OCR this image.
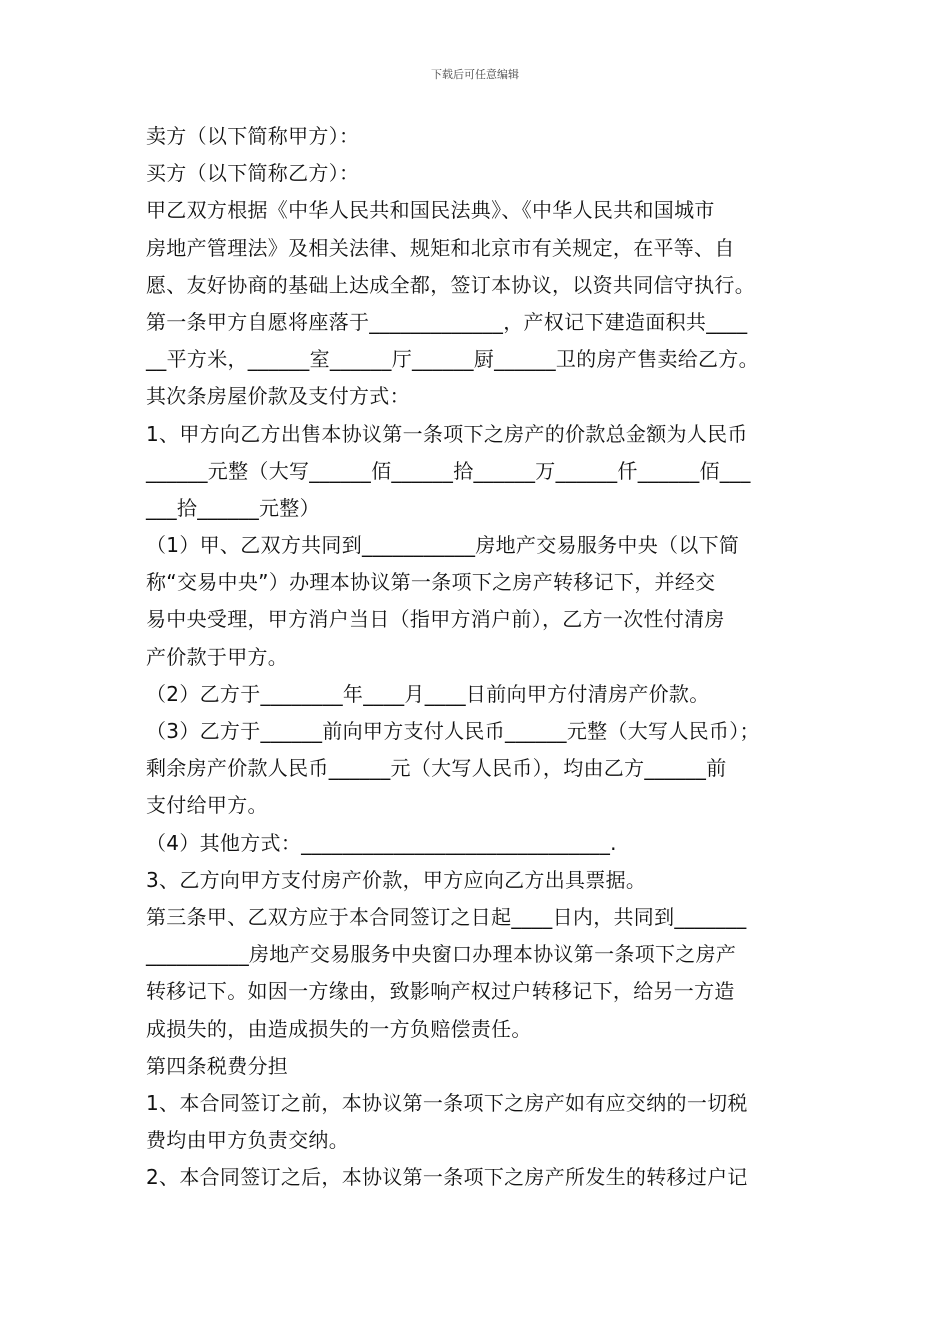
下载后可任意编辑
卖方（以下简称甲方）：
买方（以下简称乙方）：
甲乙双方根据《中华人民共和国民法典》、《中华人民共和国城市
房地产管理法》及相关法律、规矩和北京市有关规定，在平等、自
愿、友好协商的基础上达成全都，签订本协议，以资共同信守执行。
第一条甲方自愿将座落于_____________，产权记下建造面积共____
__平方米，______室______厅______厨______卫的房产售卖给乙方。
其次条房屋价款及支付方式：
1、甲方向乙方出售本协议第一条项下之房产的价款总金额为人民币
______元整（大写______佰______拾______万______仟______佰___
___拾______元整）
（1）甲、乙双方共同到___________房地产交易服务中央（以下简
称“交易中央”）办理本协议第一条项下之房产转移记下，并经交
易中央受理，甲方消户当日（指甲方消户前），乙方一次性付清房
产价款于甲方。
（2）乙方于________年____月____日前向甲方付清房产价款。
（3）乙方于______前向甲方支付人民币______元整（大写人民币）；
剩余房产价款人民币______元（大写人民币），均由乙方______前
支付给甲方。
（4）其他方式：______________________________.
3、乙方向甲方支付房产价款，甲方应向乙方出具票据。
第三条甲、乙双方应于本合同签订之日起____日内，共同到_______
__________房地产交易服务中央窗口办理本协议第一条项下之房产
转移记下。如因一方缘由，致影响产权过户转移记下，给另一方造
成损失的，由造成损失的一方负赔偿责任。
第四条税费分担
1、本合同签订之前，本协议第一条项下之房产如有应交纳的一切税
费均由甲方负责交纳。
2、本合同签订之后，本协议第一条项下之房产所发生的转移过户记
